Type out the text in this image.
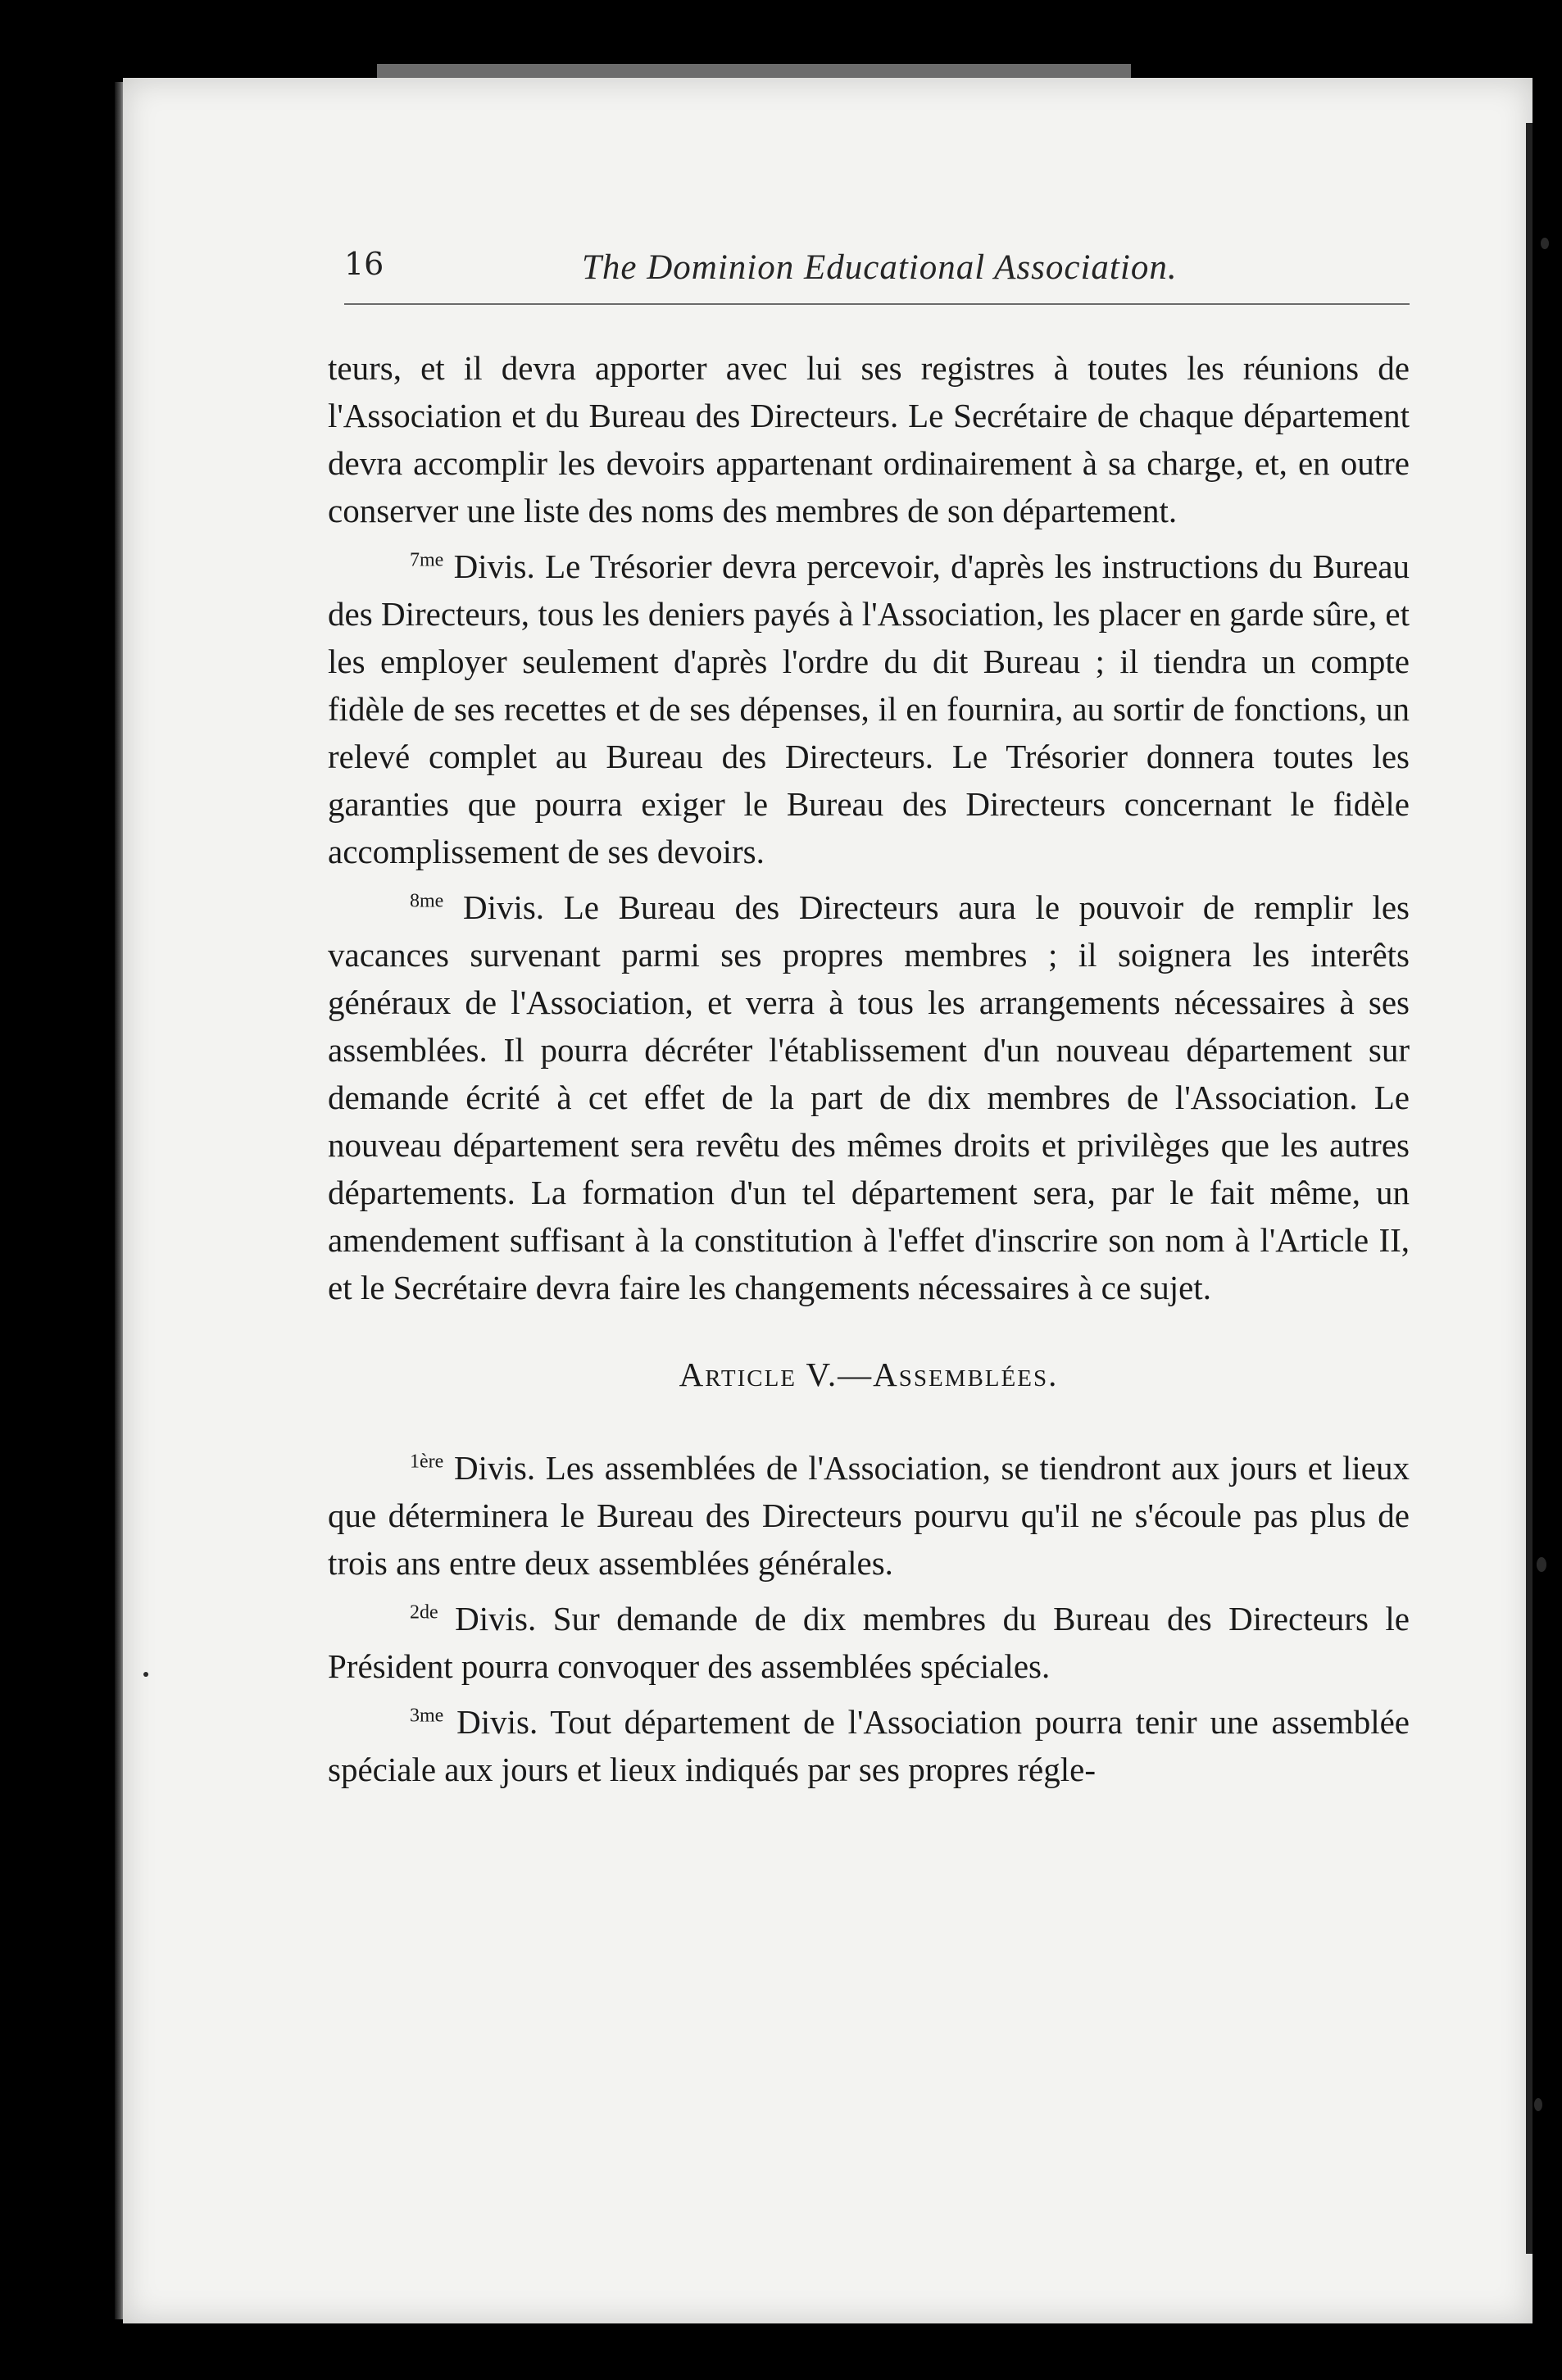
16	The Dominion Educational Association.

teurs, et il devra apporter avec lui ses registres à toutes les réunions de l'Association et du Bureau des Directeurs. Le Secrétaire de chaque département devra accomplir les devoirs appartenant ordinairement à sa charge, et, en outre conserver une liste des noms des membres de son département.

$^{7me}$ Divis. Le Trésorier devra percevoir, d'après les instructions du Bureau des Directeurs, tous les deniers payés à l'Association, les placer en garde sûre, et les employer seulement d'après l'ordre du dit Bureau ; il tiendra un compte fidèle de ses recettes et de ses dépenses, il en fournira, au sortir de fonctions, un relevé complet au Bureau des Directeurs. Le Trésorier donnera toutes les garanties que pourra exiger le Bureau des Directeurs concernant le fidèle accomplissement de ses devoirs.

$^{8me}$ Divis. Le Bureau des Directeurs aura le pouvoir de remplir les vacances survenant parmi ses propres membres ; il soignera les interêts généraux de l'Association, et verra à tous les arrangements nécessaires à ses assemblées. Il pourra décréter l'établissement d'un nouveau département sur demande écrité à cet effet de la part de dix membres de l'Association. Le nouveau département sera revêtu des mêmes droits et privilèges que les autres départements. La formation d'un tel département sera, par le fait même, un amendement suffisant à la constitution à l'effet d'inscrire son nom à l'Article II, et le Secrétaire devra faire les changements nécessaires à ce sujet.

Article V.—Assemblées.

$^{1ère}$ Divis. Les assemblées de l'Association, se tiendront aux jours et lieux que déterminera le Bureau des Directeurs pourvu qu'il ne s'écoule pas plus de trois ans entre deux assemblées générales.

$^{2de}$ Divis. Sur demande de dix membres du Bureau des Directeurs le Président pourra convoquer des assemblées spéciales.

$^{3me}$ Divis. Tout département de l'Association pourra tenir une assemblée spéciale aux jours et lieux indiqués par ses propres régle-
